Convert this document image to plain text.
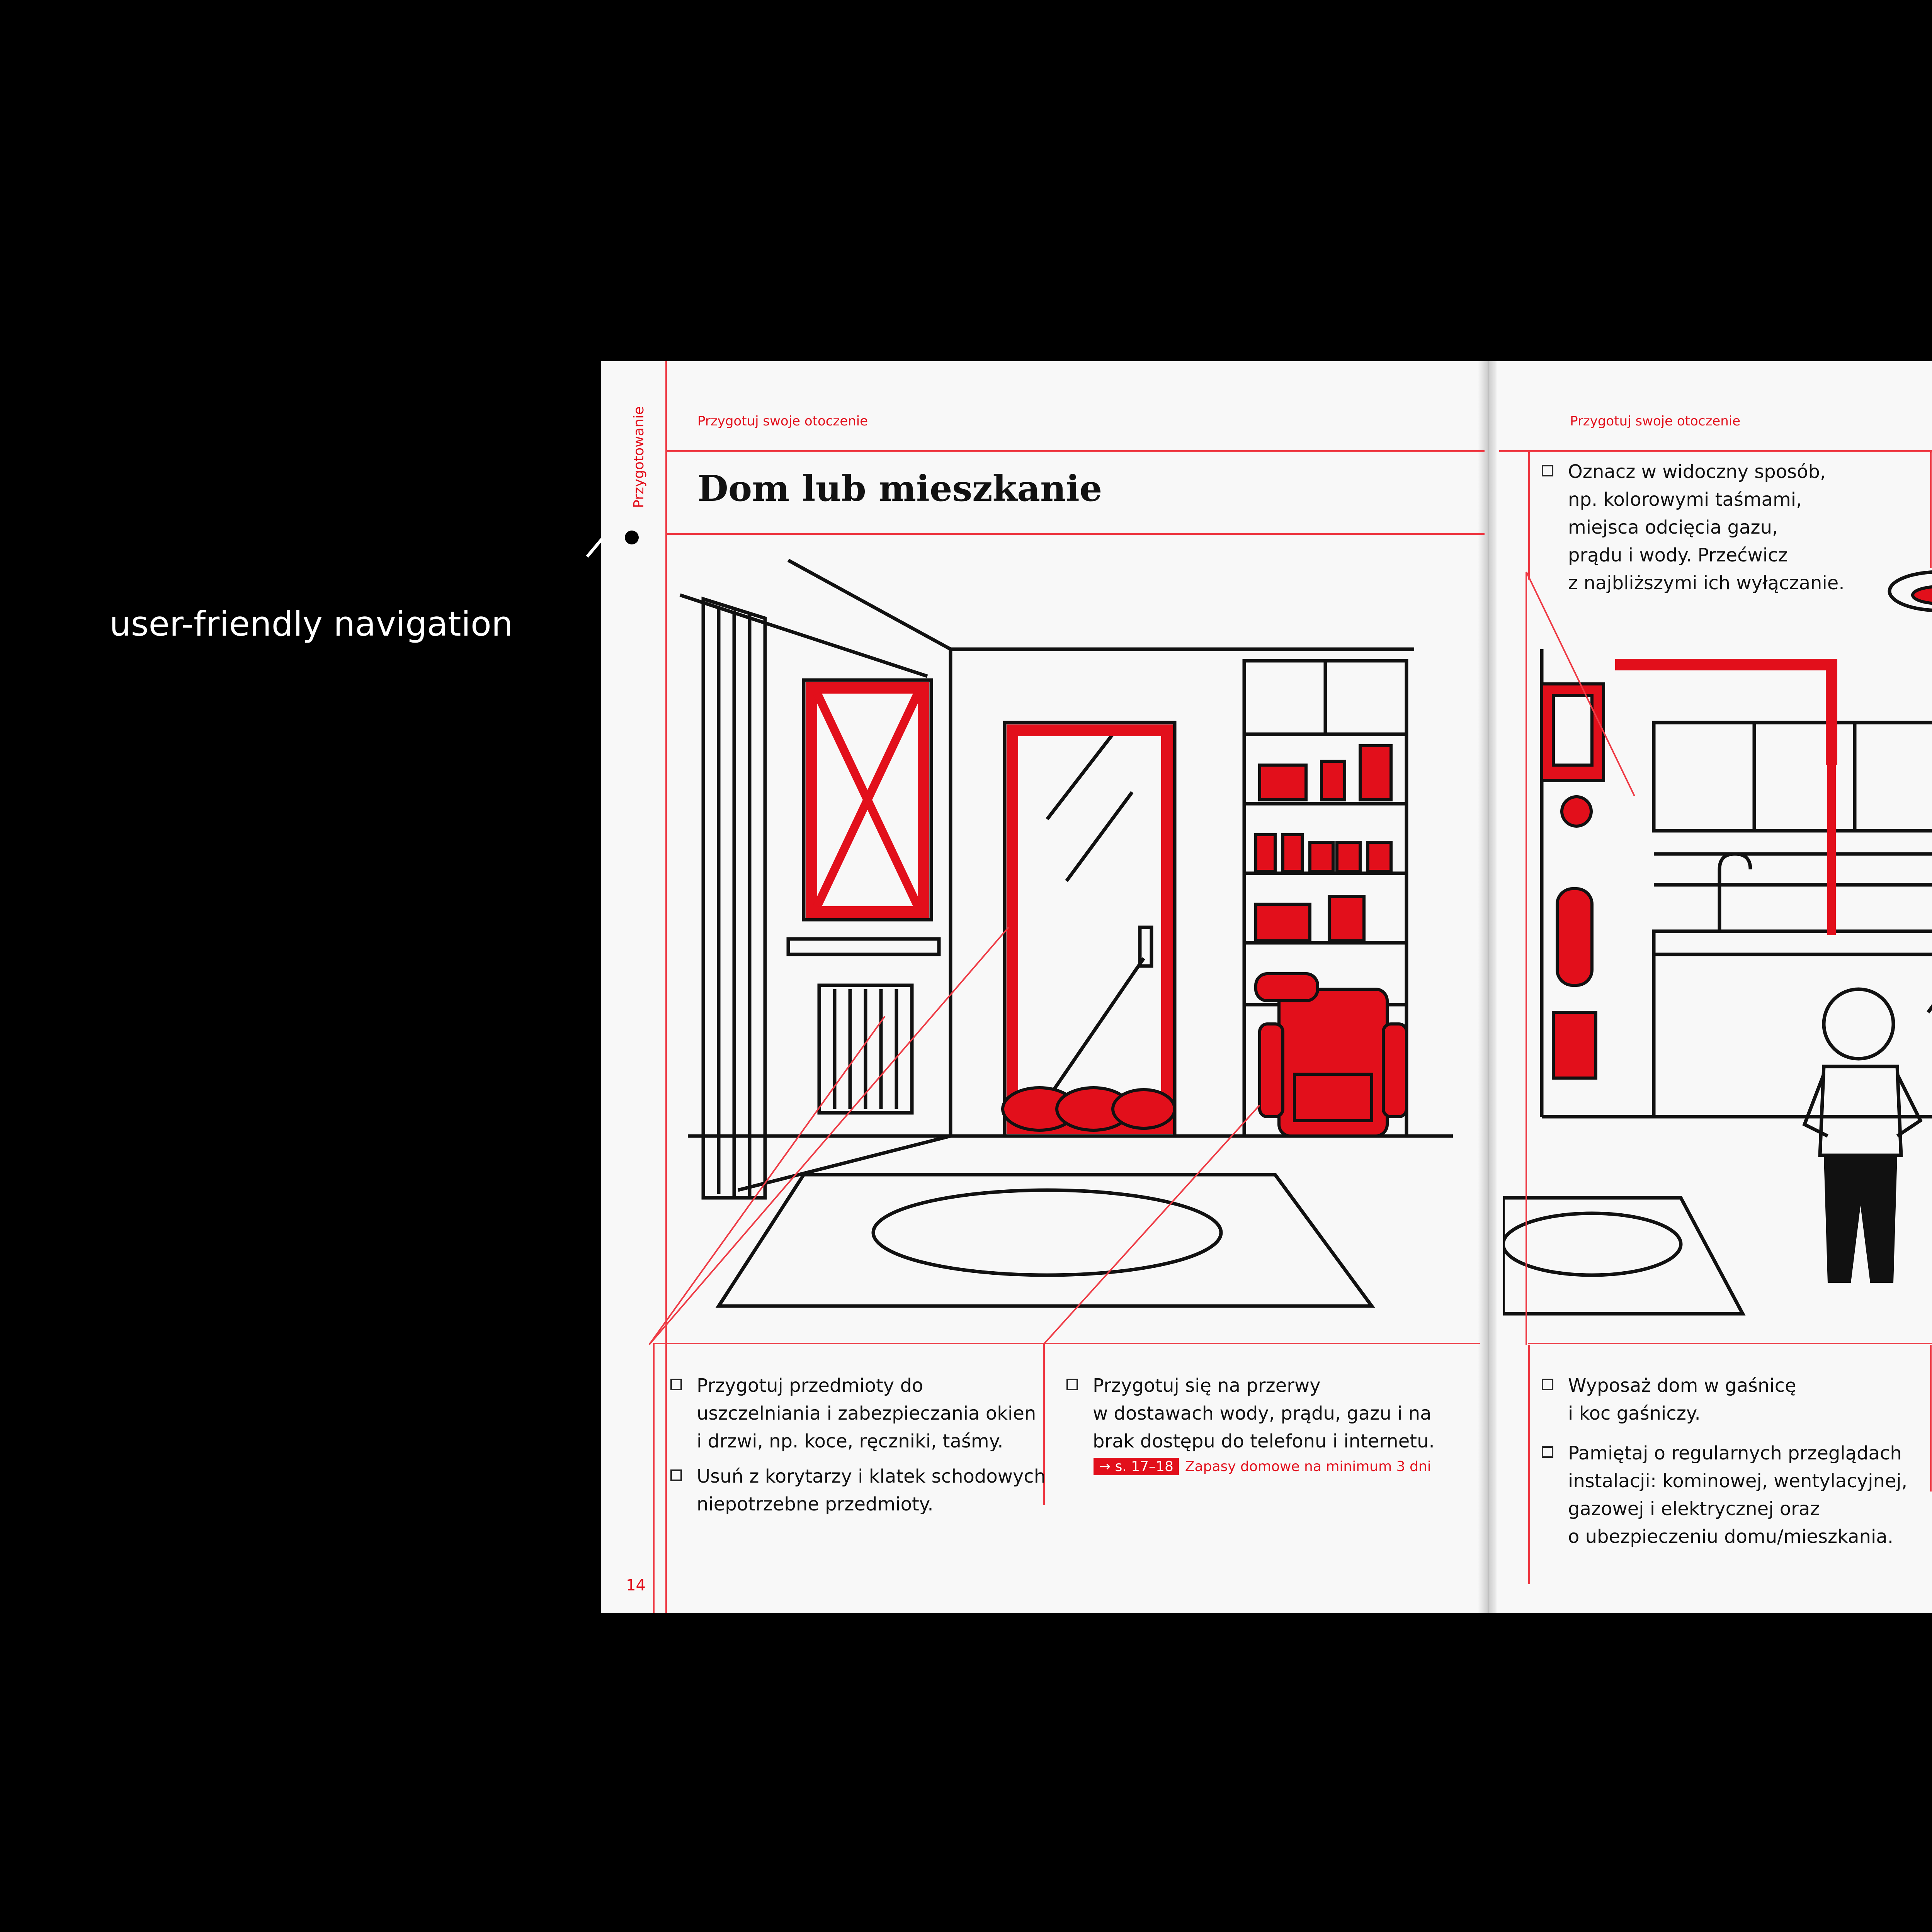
user-friendly navigation
Przygotuj swoje otoczenie
Przygotowanie Dom lub mieszkanie
14
Przygotuj przedmioty do
uszczelniania i zabezpieczania okien
i drzwi, np. koce, ręczniki, taśmy.
Usuń z korytarzy i klatek schodowych
niepotrzebne przedmioty.
Przygotuj się na przerwy
w dostawach wody, prądu, gazu i na
brak dostępu do telefonu i internetu.
→ s. 17–18 Zapasy domowe na minimum 3 dni
Przygotuj swoje otoczenie
Oznacz w widoczny sposób,
np. kolorowymi taśmami,
miejsca odcięcia gazu,
prądu i wody. Przećwicz
z najbliższymi ich wyłączanie.
Wyposaż dom w gaśnicę
i koc gaśniczy.
Pamiętaj o regularnych przeglądach
instalacji: kominowej, wentylacyjnej,
gazowej i elektrycznej oraz
o ubezpieczeniu domu/mieszkania.
